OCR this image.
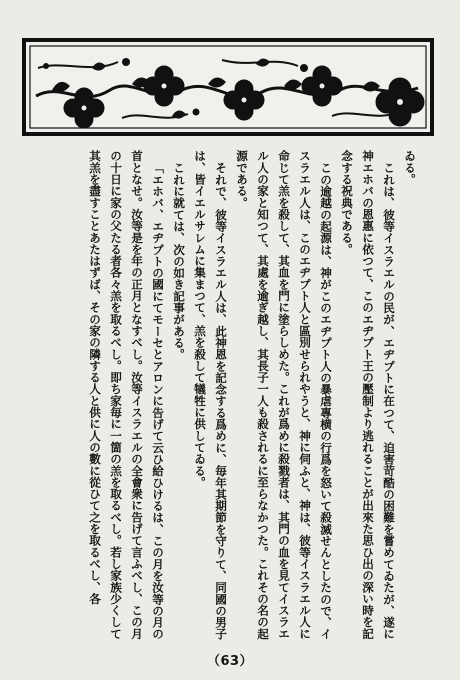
ゐる。

これは、彼等イスラエルの民が、エヂプトに在つて、迫害苛酷の困難を嘗めてゐたが、遂に神エホバの恩惠に依つて、このエヂプト王の壓制より逃れることが出來た思ひ出の深い時を記念する祝典である。

この逾越の起源は、神がこのエヂプト人の暴虐專横の行爲を怒いて殺滅せんとしたので、イスラエル人は、このエヂプト人と區別せられやうと、神に伺ふと、神は、彼等イスラエル人に命じて羔を殺して、其血を門に塗らしめた。これが爲めに殺戮者は、其門の血を見てイスラエル人の家と知つて、其處を逾ぎ越し、其長子一人も殺されるに至らなかつた。これその名の起源である。

それで、彼等イスラエル人は、此神恩を記念する爲めに、毎年其期節を守りて、同國の男子は、皆イエルサレムに集まつて、羔を殺して犠牲に供してゐる。

これに就ては、次の如き記事がある。

「エホバ、エヂプトの國にてモーセとアロンに告げて云ひ給ひけるは、この月を汝等の月の首となせ。汝等是を年の正月となすべし。汝等イスラエルの全會衆に告げて言ふべし、この月の十日に家の父たる者各々羔を取るべし。即ち家毎に一箇の羔を取るべし。若し家族少くして其羔を盡すことあたはずば、その家の隣する人と供に人の數に從ひて之を取るべし、各

（63）
